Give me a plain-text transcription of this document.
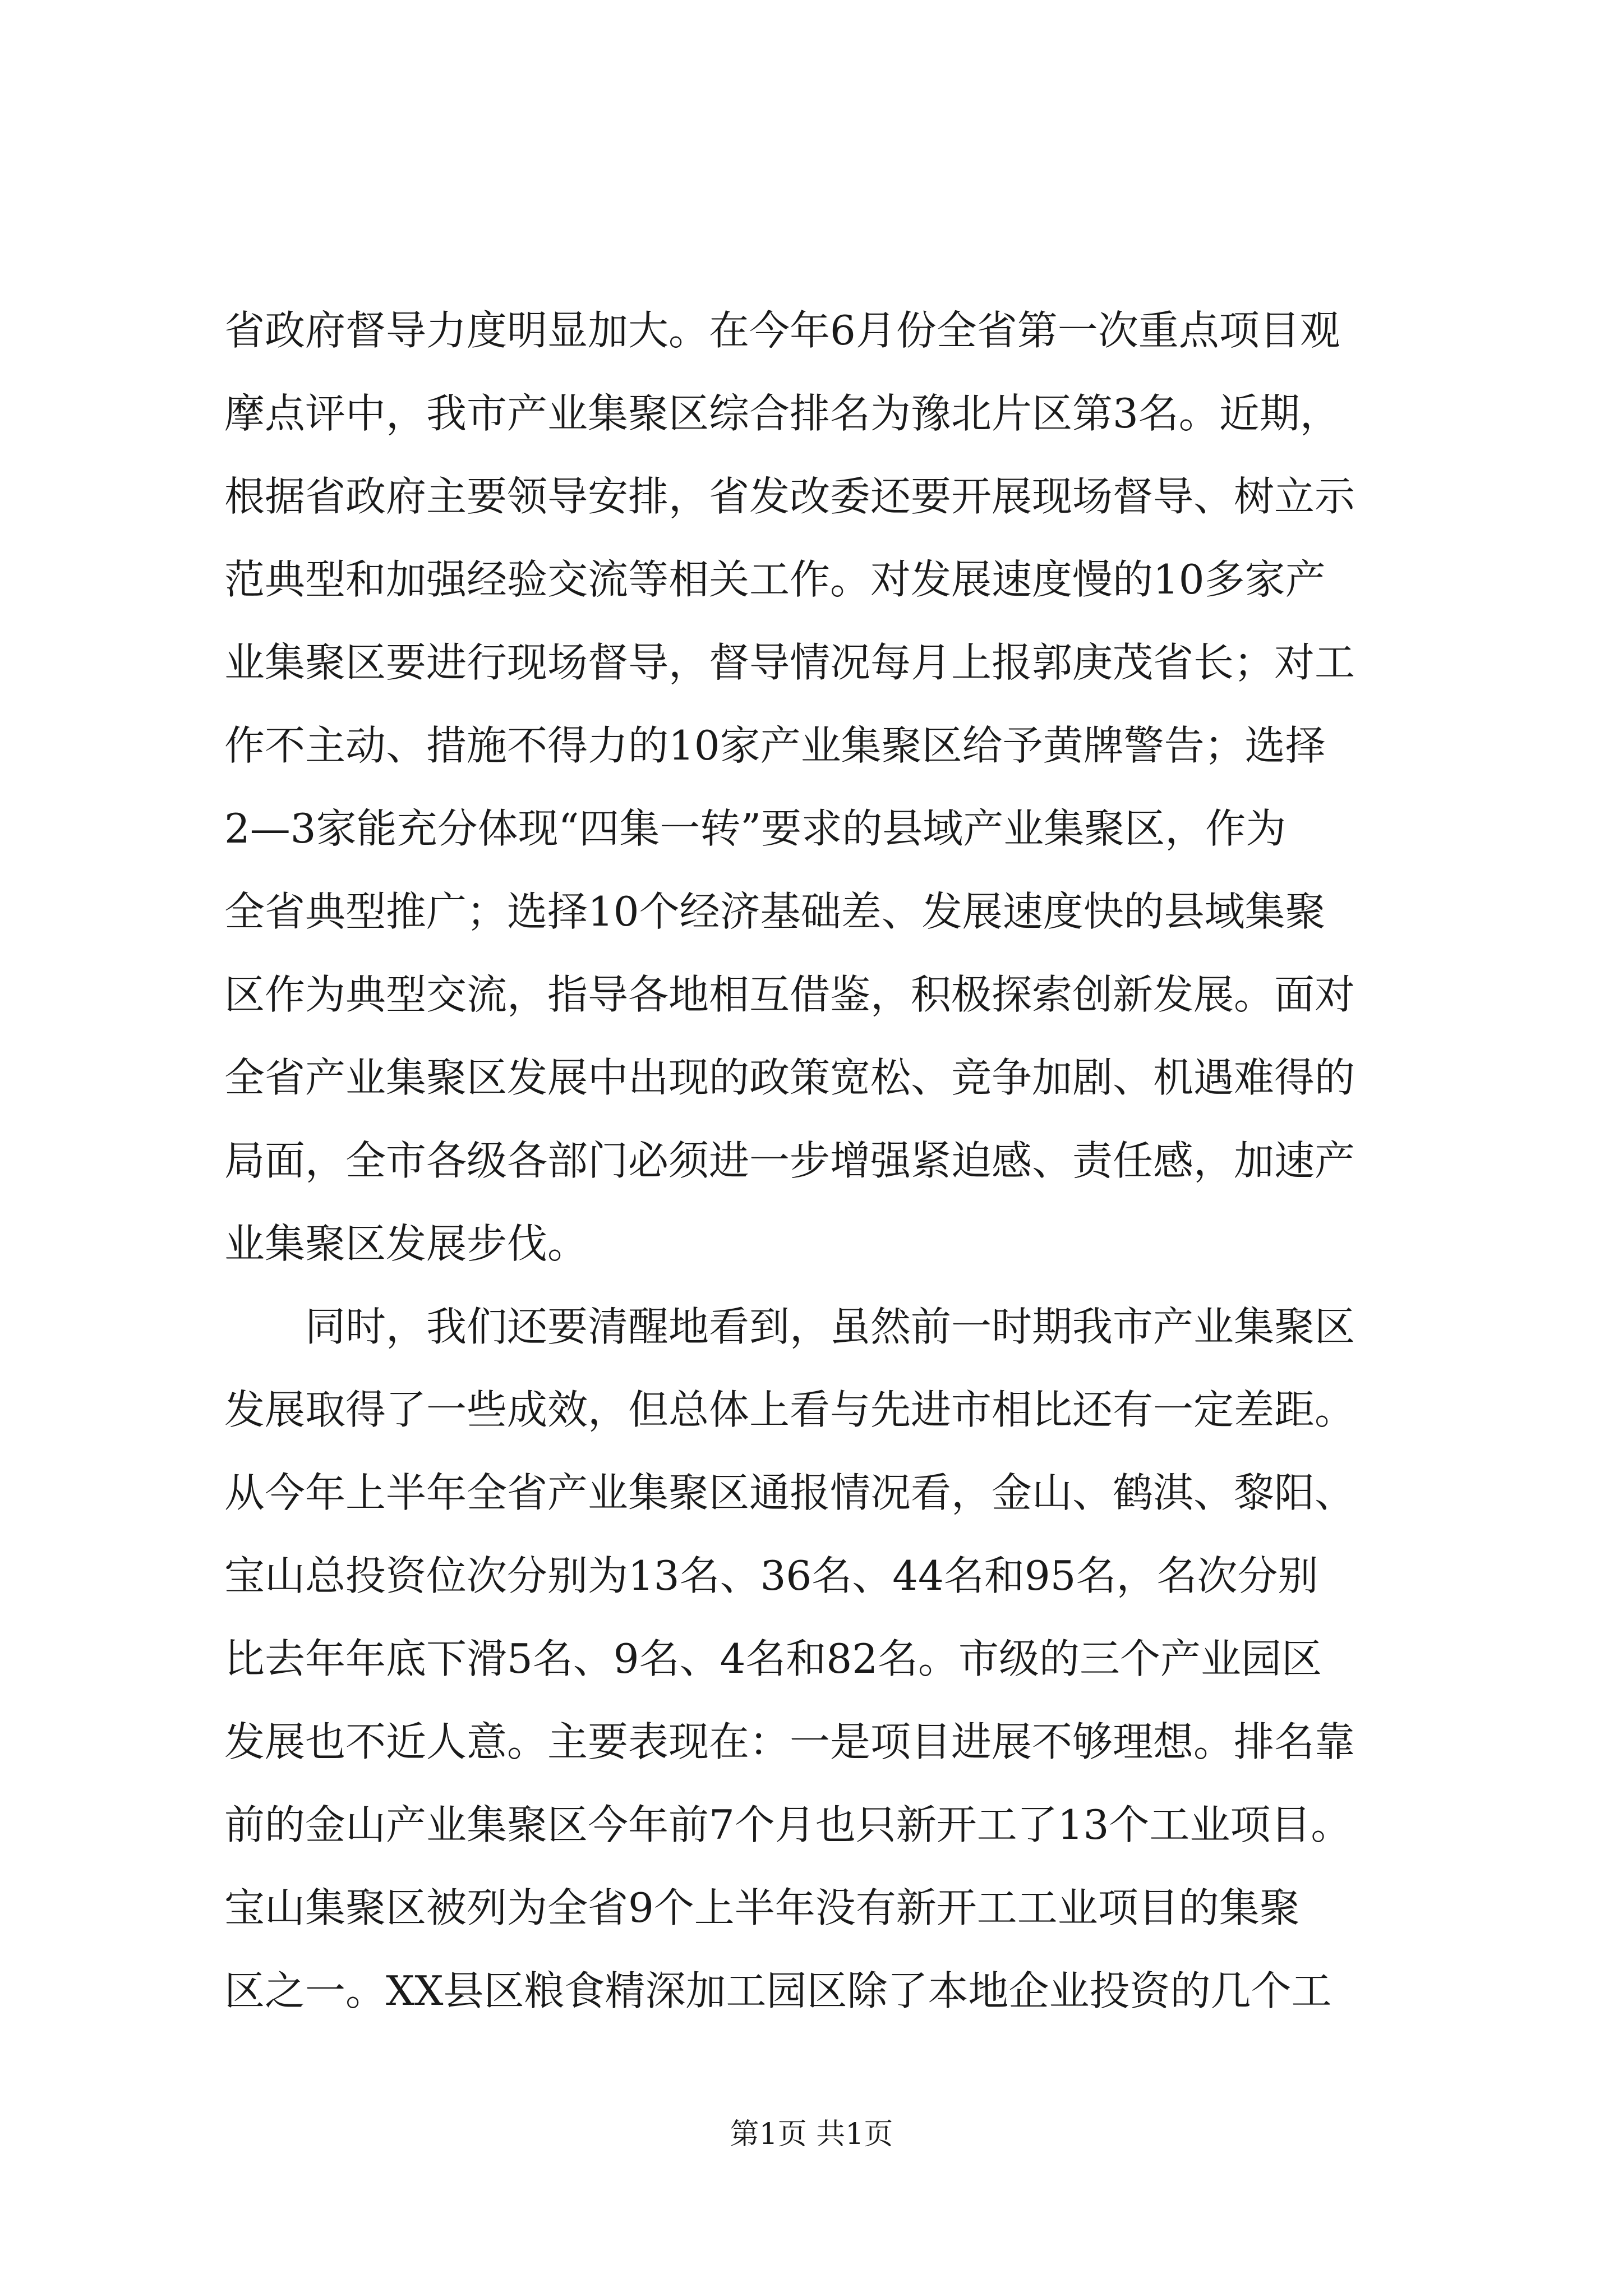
省政府督导力度明显加大。在今年6月份全省第一次重点项目观
摩点评中，我市产业集聚区综合排名为豫北片区第3名。近期，
根据省政府主要领导安排，省发改委还要开展现场督导、树立示
范典型和加强经验交流等相关工作。对发展速度慢的10多家产
业集聚区要进行现场督导，督导情况每月上报郭庚茂省长；对工
作不主动、措施不得力的10家产业集聚区给予黄牌警告；选择
2—3家能充分体现“四集一转”要求的县域产业集聚区，作为
全省典型推广；选择10个经济基础差、发展速度快的县域集聚
区作为典型交流，指导各地相互借鉴，积极探索创新发展。面对
全省产业集聚区发展中出现的政策宽松、竞争加剧、机遇难得的
局面，全市各级各部门必须进一步增强紧迫感、责任感，加速产
业集聚区发展步伐。
同时，我们还要清醒地看到，虽然前一时期我市产业集聚区
发展取得了一些成效，但总体上看与先进市相比还有一定差距。
从今年上半年全省产业集聚区通报情况看，金山、鹤淇、黎阳、
宝山总投资位次分别为13名、36名、44名和95名，名次分别
比去年年底下滑5名、9名、4名和82名。市级的三个产业园区
发展也不近人意。主要表现在：一是项目进展不够理想。排名靠
前的金山产业集聚区今年前7个月也只新开工了13个工业项目。
宝山集聚区被列为全省9个上半年没有新开工工业项目的集聚
区之一。XX县区粮食精深加工园区除了本地企业投资的几个工
第1页 共1页
